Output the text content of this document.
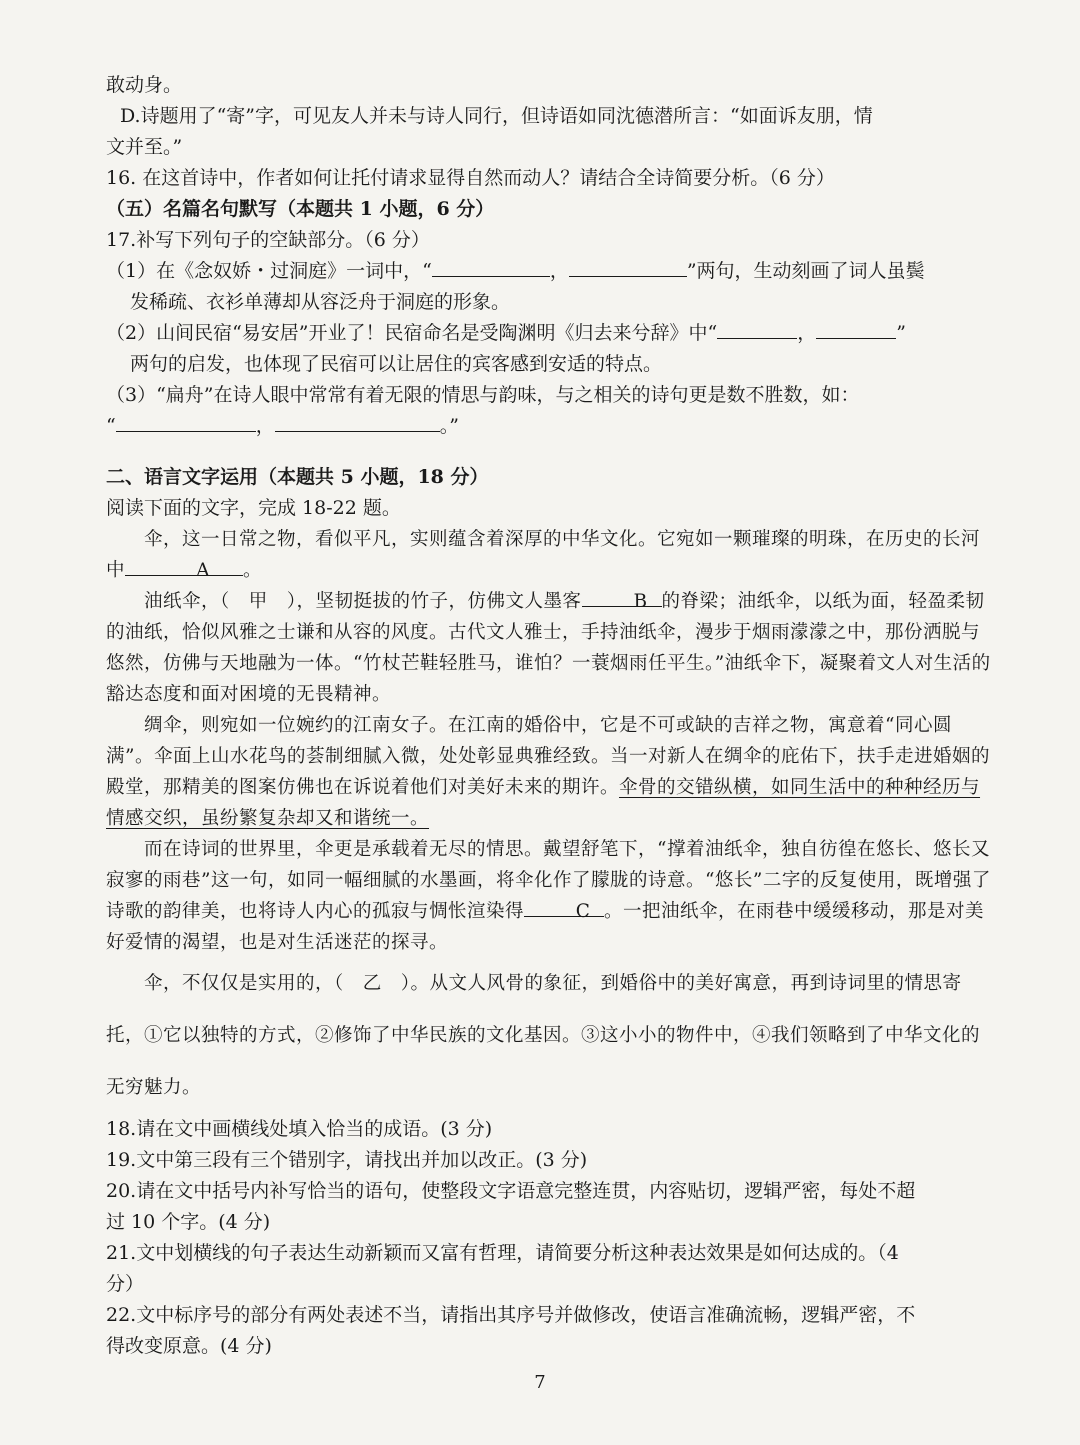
敢动身。
D.诗题用了“寄”字，可见友人并未与诗人同行，但诗语如同沈德潜所言：“如面诉友朋，情
文并至。”
16. 在这首诗中，作者如何让托付请求显得自然而动人？请结合全诗简要分析。（6 分）
（五）名篇名句默写（本题共 1 小题，6 分）
17.补写下列句子的空缺部分。（6 分）
（1）在《念奴娇・过洞庭》一词中，“	，	”两句，生动刻画了词人虽鬓
发稀疏、衣衫单薄却从容泛舟于洞庭的形象。
（2）山间民宿“易安居”开业了！民宿命名是受陶渊明《归去来兮辞》中“	，	”
两句的启发，也体现了民宿可以让居住的宾客感到安适的特点。
（3）“扁舟”在诗人眼中常常有着无限的情思与韵味，与之相关的诗句更是数不胜数，如：
“	，	。”
二、语言文字运用（本题共 5 小题，18 分）
阅读下面的文字，完成 18-22 题。
伞，这一日常之物，看似平凡，实则蕴含着深厚的中华文化。它宛如一颗璀璨的明珠，在历史的长河中	A 。
油纸伞，（　甲　），坚韧挺拔的竹子，仿佛文人墨客	B 的脊梁；油纸伞，以纸为面，轻盈柔韧的油纸，恰似风雅之士谦和从容的风度。古代文人雅士，手持油纸伞，漫步于烟雨濛濛之中，那份洒脱与悠然，仿佛与天地融为一体。“竹杖芒鞋轻胜马，谁怕？一蓑烟雨任平生。”油纸伞下，凝聚着文人对生活的豁达态度和面对困境的无畏精神。
绸伞，则宛如一位婉约的江南女子。在江南的婚俗中，它是不可或缺的吉祥之物，寓意着“同心圆满”。伞面上山水花鸟的荟制细腻入微，处处彰显典雅经致。当一对新人在绸伞的庇佑下，扶手走进婚姻的殿堂，那精美的图案仿佛也在诉说着他们对美好未来的期许。伞骨的交错纵横，如同生活中的种种经历与情感交织，虽纷繁复杂却又和谐统一。
而在诗词的世界里，伞更是承载着无尽的情思。戴望舒笔下，“撑着油纸伞，独自彷徨在悠长、悠长又寂寥的雨巷”这一句，如同一幅细腻的水墨画，将伞化作了朦胧的诗意。“悠长”二字的反复使用，既增强了诗歌的韵律美，也将诗人内心的孤寂与惆怅渲染得	C 。一把油纸伞，在雨巷中缓缓移动，那是对美好爱情的渴望，也是对生活迷茫的探寻。
伞，不仅仅是实用的，（　乙　）。从文人风骨的象征，到婚俗中的美好寓意，再到诗词里的情思寄托，①它以独特的方式，②修饰了中华民族的文化基因。③这小小的物件中，④我们领略到了中华文化的无穷魅力。
18.请在文中画横线处填入恰当的成语。(3 分)
19.文中第三段有三个错别字，请找出并加以改正。(3 分)
20.请在文中括号内补写恰当的语句，使整段文字语意完整连贯，内容贴切，逻辑严密，每处不超
过 10 个字。(4 分)
21.文中划横线的句子表达生动新颖而又富有哲理，请简要分析这种表达效果是如何达成的。（4
分）
22.文中标序号的部分有两处表述不当，请指出其序号并做修改，使语言准确流畅，逻辑严密，不
得改变原意。(4 分)
7
